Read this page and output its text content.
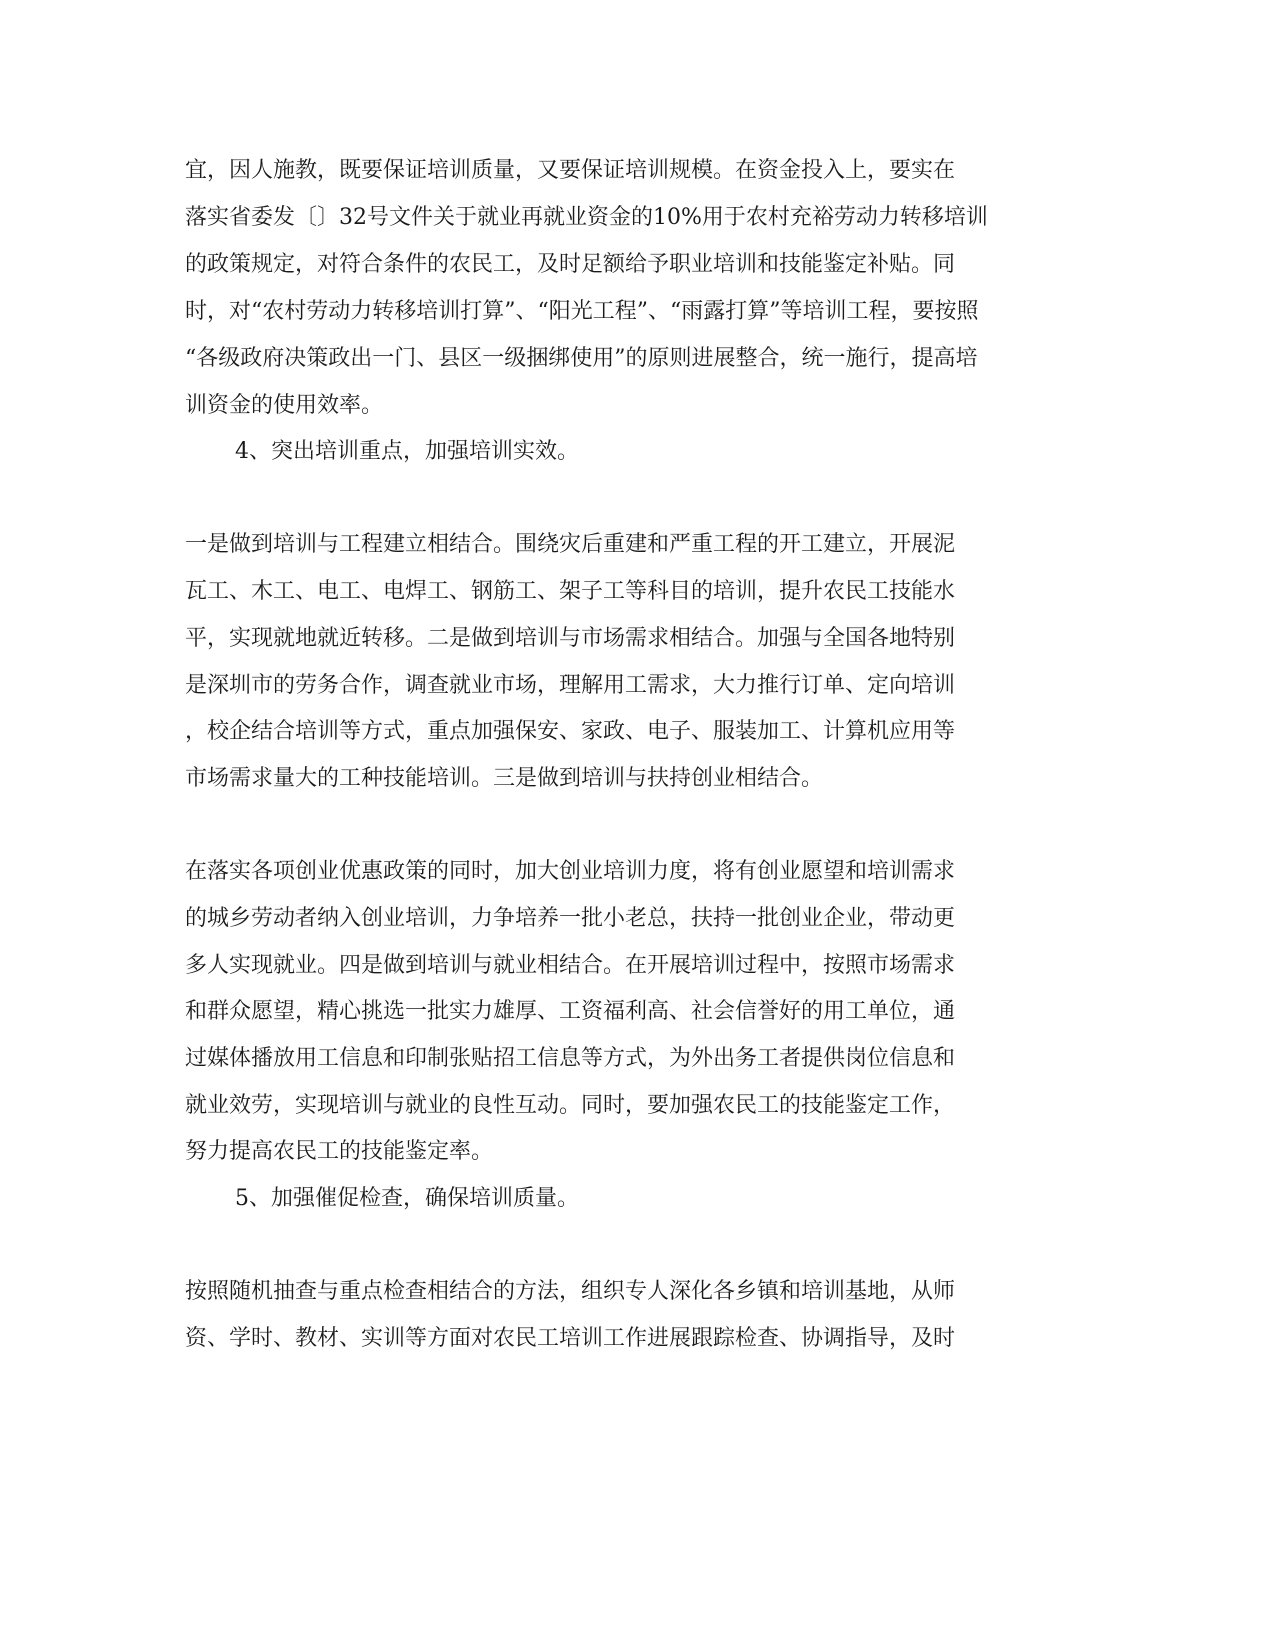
宜，因人施教，既要保证培训质量，又要保证培训规模。在资金投入上，要实在
落实省委发〔〕32号文件关于就业再就业资金的10%用于农村充裕劳动力转移培训
的政策规定，对符合条件的农民工，及时足额给予职业培训和技能鉴定补贴。同
时，对“农村劳动力转移培训打算”、“阳光工程”、“雨露打算”等培训工程，要按照
“各级政府决策政出一门、县区一级捆绑使用”的原则进展整合，统一施行，提高培
训资金的使用效率。
4、突出培训重点，加强培训实效。
一是做到培训与工程建立相结合。围绕灾后重建和严重工程的开工建立，开展泥
瓦工、木工、电工、电焊工、钢筋工、架子工等科目的培训，提升农民工技能水
平，实现就地就近转移。二是做到培训与市场需求相结合。加强与全国各地特别
是深圳市的劳务合作，调查就业市场，理解用工需求，大力推行订单、定向培训
，校企结合培训等方式，重点加强保安、家政、电子、服装加工、计算机应用等
市场需求量大的工种技能培训。三是做到培训与扶持创业相结合。
在落实各项创业优惠政策的同时，加大创业培训力度，将有创业愿望和培训需求
的城乡劳动者纳入创业培训，力争培养一批小老总，扶持一批创业企业，带动更
多人实现就业。四是做到培训与就业相结合。在开展培训过程中，按照市场需求
和群众愿望，精心挑选一批实力雄厚、工资福利高、社会信誉好的用工单位，通
过媒体播放用工信息和印制张贴招工信息等方式，为外出务工者提供岗位信息和
就业效劳，实现培训与就业的良性互动。同时，要加强农民工的技能鉴定工作，
努力提高农民工的技能鉴定率。
5、加强催促检查，确保培训质量。
按照随机抽查与重点检查相结合的方法，组织专人深化各乡镇和培训基地，从师
资、学时、教材、实训等方面对农民工培训工作进展跟踪检查、协调指导，及时
